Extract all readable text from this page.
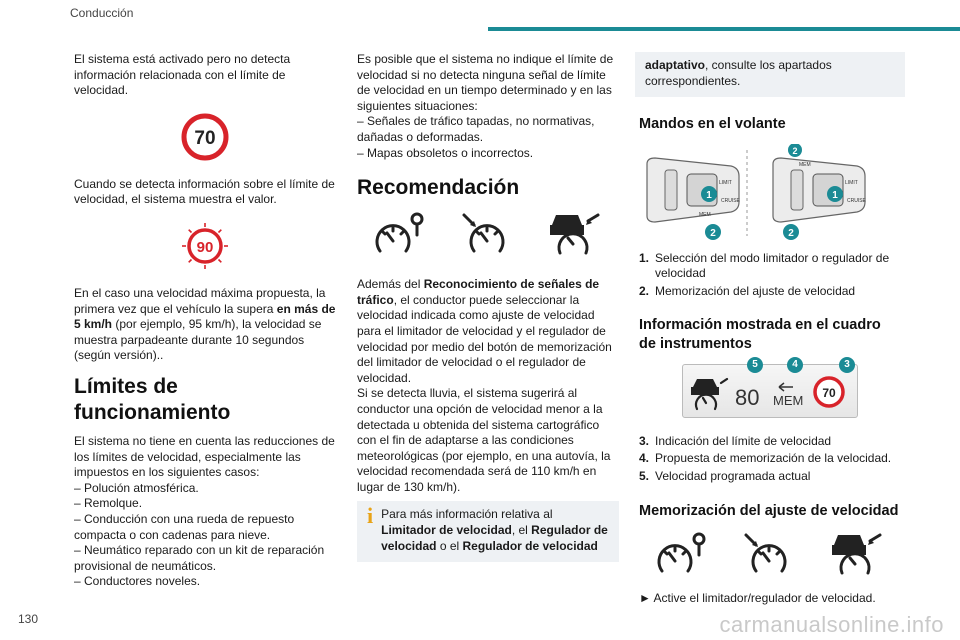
Conducción

El sistema está activado pero no detecta información relacionada con el límite de velocidad.

70

Cuando se detecta información sobre el límite de velocidad, el sistema muestra el valor.

90

En el caso una velocidad máxima propuesta, la primera vez que el vehículo la supera en más de 5 km/h (por ejemplo, 95 km/h), la velocidad se muestra parpadeante durante 10 segundos (según versión)..

Límites de funcionamiento

El sistema no tiene en cuenta las reducciones de los límites de velocidad, especialmente las impuestos en los siguientes casos:

– Polución atmosférica.

– Remolque.

– Conducción con una rueda de repuesto compacta o con cadenas para nieve.

– Neumático reparado con un kit de reparación provisional de neumáticos.

– Conductores noveles.

Es posible que el sistema no indique el límite de velocidad si no detecta ninguna señal de límite de velocidad en un tiempo determinado y en las siguientes situaciones:

– Señales de tráfico tapadas, no normativas, dañadas o deformadas.

– Mapas obsoletos o incorrectos.

Recomendación

Además del Reconocimiento de señales de tráfico, el conductor puede seleccionar la velocidad indicada como ajuste de velocidad para el limitador de velocidad y el regulador de velocidad por medio del botón de memorización del limitador de velocidad o el regulador de velocidad.

Si se detecta lluvia, el sistema sugerirá al conductor una opción de velocidad menor a la detectada u obtenida del sistema cartográfico con el fin de adaptarse a las condiciones meteorológicas (por ejemplo, en una autovía, la velocidad recomendada será de 110 km/h en lugar de 130 km/h).

i Para más información relativa al Limitador de velocidad, el Regulador de velocidad o el Regulador de velocidad

adaptativo, consulte los apartados correspondientes.

Mandos en el volante
LIMIT
CRUISE
MEM
1
2
LIMIT
CRUISE
MEM
1
2
2
1. Selección del modo limitador o regulador de velocidad
2. Memorización del ajuste de velocidad
Información mostrada en el cuadro de instrumentos
80 MEM 70
5	4	3
3. Indicación del límite de velocidad
4. Propuesta de memorización de la velocidad.
5. Velocidad programada actual
Memorización del ajuste de velocidad

► Active el limitador/regulador de velocidad.

130	carmanualsonline.info
